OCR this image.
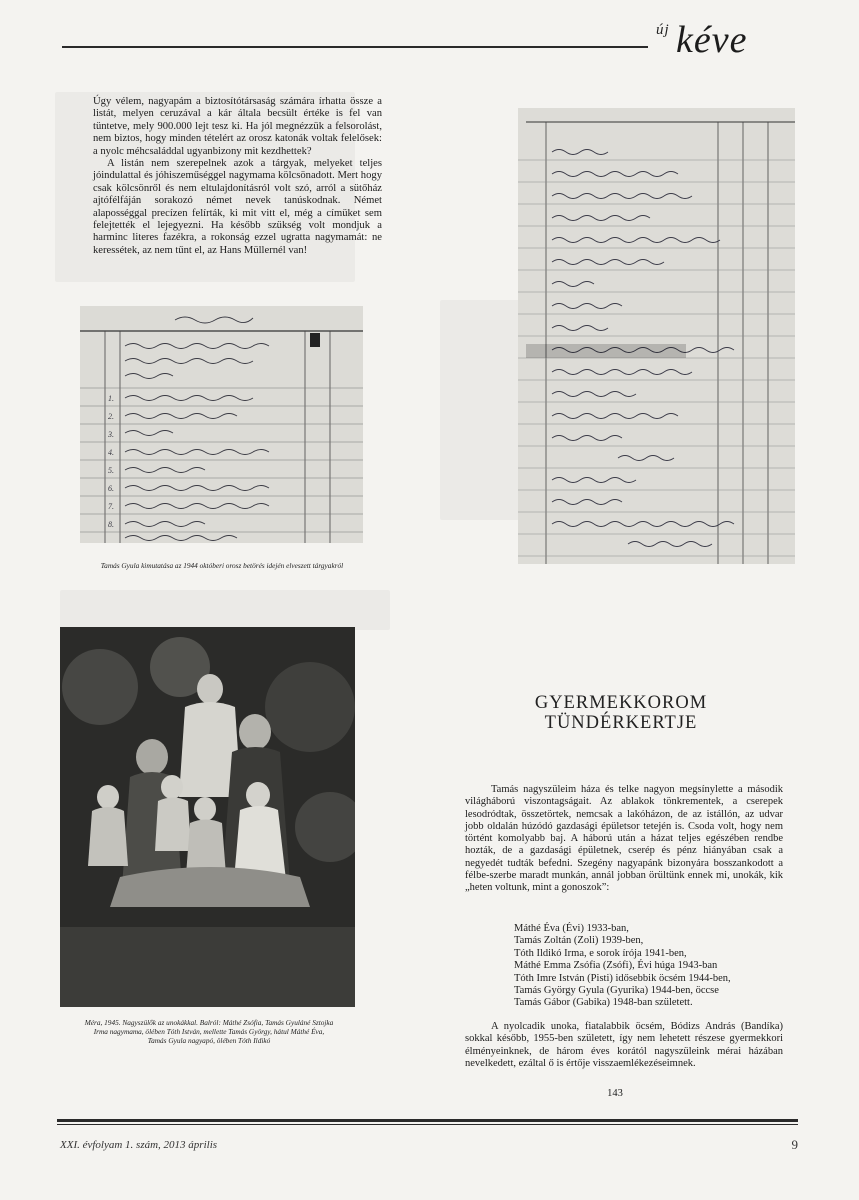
új kéve

Úgy vélem, nagyapám a biztosítótársaság számára írhatta össze a listát, melyen ceruzával a kár általa becsült értéke is fel van tüntetve, mely 900.000 lejt tesz ki. Ha jól megnézzük a felsorolást, nem biztos, hogy minden tételért az orosz katonák voltak felelősek: a nyolc méhcsaláddal ugyanbizony mit kezdhettek?

A listán nem szerepelnek azok a tárgyak, melyeket teljes jóindulattal és jóhiszeműséggel nagymama kölcsönadott. Mert hogy csak kölcsönről és nem eltulajdonításról volt szó, arról a sütőház ajtófélfáján sorakozó német nevek tanúskodnak. Német alaposséggal precízen felírták, ki mit vitt el, még a címüket sem felejtették el lejegyezni. Ha később szükség volt mondjuk a harminc literes fazékra, a rokonság ezzel ugratta nagymamát: ne keressétek, az nem tűnt el, az Hans Müllernél van!

1.
2.
3.
4.
5.
6.
7.
8.
Tamás Gyula kimutatása az 1944 októberi orosz betörés idején elveszett tárgyakról
Méra, 1945. Nagyszülők az unokákkal. Balról: Máthé Zsófia, Tamás Gyuláné Sztojka Irma nagymama, ölében Tóth István, mellette Tamás György, hátul Máthé Éva, Tamás Gyula nagyapó, ölében Tóth Ildikó
GYERMEKKOROM
TÜNDÉRKERTJE

Tamás nagyszüleim háza és telke nagyon megsínylette a második világháború viszontagságait. Az ablakok tönkrementek, a cserepek lesodródtak, összetörtek, nemcsak a lakóházon, de az istállón, az udvar jobb oldalán húzódó gazdasági épületsor tetején is. Csoda volt, hogy nem történt komolyabb baj. A háború után a házat teljes egészében rendbe hozták, de a gazdasági épületnek, cserép és pénz hiányában csak a negyedét tudták befedni. Szegény nagyapánk bizonyára bosszankodott a félbe-szerbe maradt munkán, annál jobban örültünk ennek mi, unokák, kik „heten voltunk, mint a gonoszok”:

Máthé Éva (Évi) 1933-ban,
Tamás Zoltán (Zoli) 1939-ben,
Tóth Ildikó Irma, e sorok írója 1941-ben,
Máthé Emma Zsófia (Zsófi), Évi húga 1943-ban
Tóth Imre István (Pisti) idősebbik öcsém 1944-ben,
Tamás György Gyula (Gyurika) 1944-ben, öccse
Tamás Gábor (Gabika) 1948-ban született.

A nyolcadik unoka, fiatalabbik öcsém, Bódizs András (Bandíka) sokkal később, 1955-ben született, így nem lehetett részese gyermekkori élményeinknek, de három éves korától nagyszüleink mérai házában nevelkedett, ezáltal ő is értője visszaemlékezéseimnek.

143
XXI. évfolyam 1. szám, 2013 április	9
